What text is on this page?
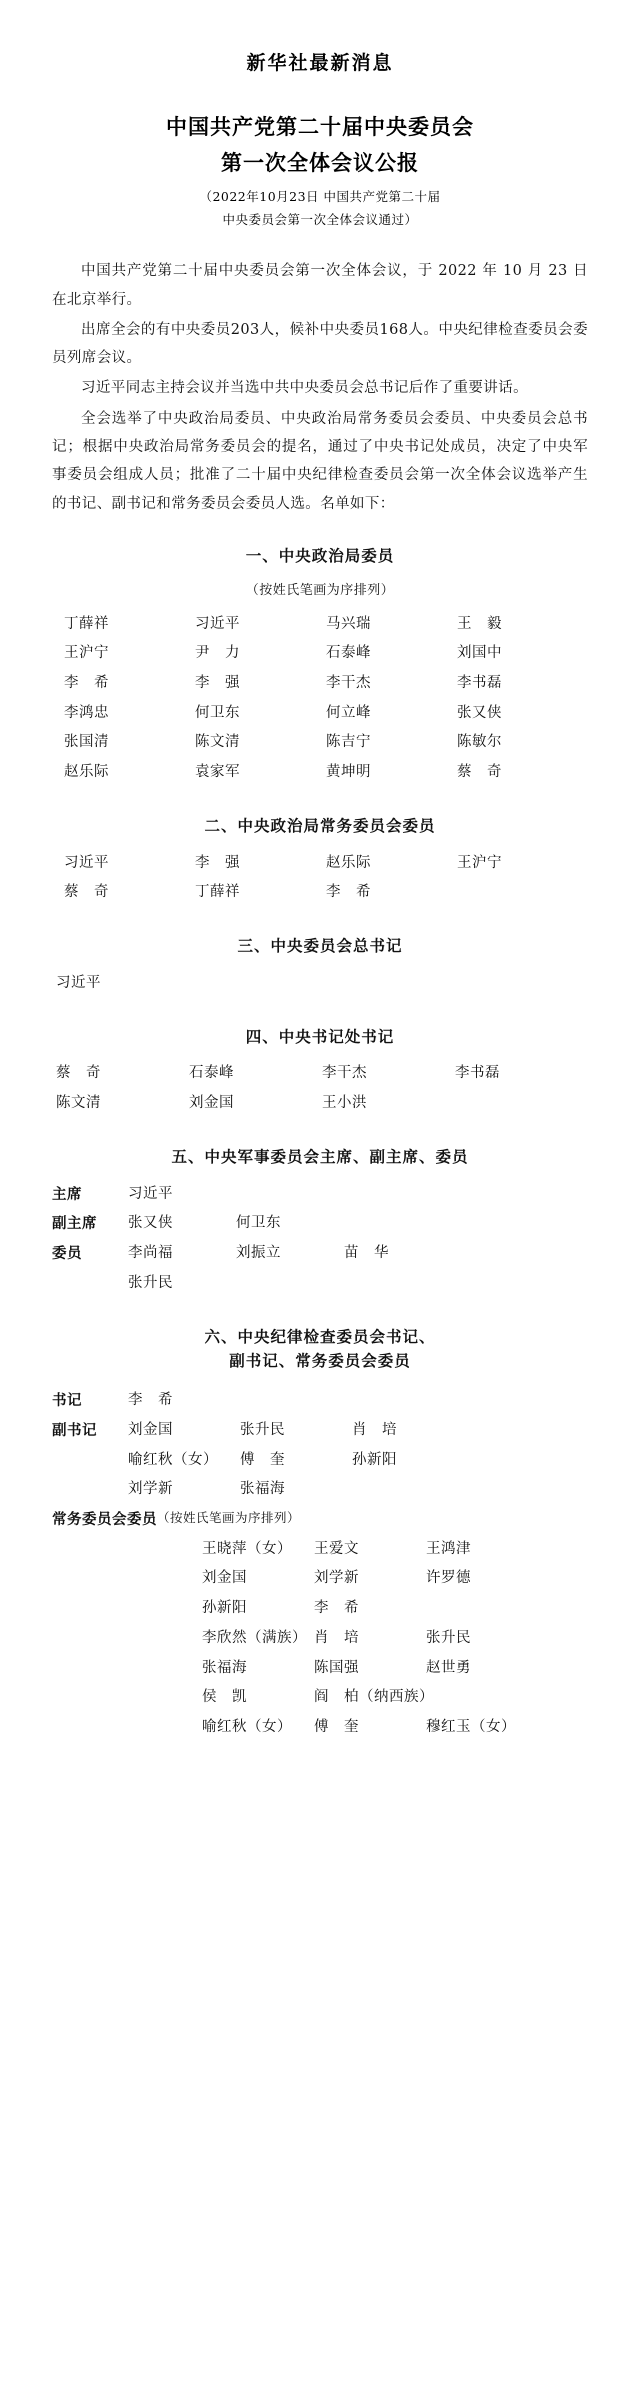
新华社最新消息
中国共产党第二十届中央委员会
第一次全体会议公报
（2022年10月23日 中国共产党第二十届
中央委员会第一次全体会议通过）

中国共产党第二十届中央委员会第一次全体会议，于 2022 年 10 月 23 日在北京举行。

出席全会的有中央委员203人，候补中央委员168人。中央纪律检查委员会委员列席会议。

习近平同志主持会议并当选中共中央委员会总书记后作了重要讲话。

全会选举了中央政治局委员、中央政治局常务委员会委员、中央委员会总书记；根据中央政治局常务委员会的提名，通过了中央书记处成员，决定了中央军事委员会组成人员；批准了二十届中央纪律检查委员会第一次全体会议选举产生的书记、副书记和常务委员会委员人选。名单如下：

一、中央政治局委员
（按姓氏笔画为序排列）
丁薛祥	习近平	马兴瑞	王　毅
王沪宁	尹　力	石泰峰	刘国中
李　希	李　强	李干杰	李书磊
李鸿忠	何卫东	何立峰	张又侠
张国清	陈文清	陈吉宁	陈敏尔
赵乐际	袁家军	黄坤明	蔡　奇
二、中央政治局常务委员会委员
习近平	李　强	赵乐际	王沪宁
蔡　奇	丁薛祥	李　希
三、中央委员会总书记
习近平
四、中央书记处书记
蔡　奇	石泰峰	李干杰	李书磊
陈文清	刘金国	王小洪
五、中央军事委员会主席、副主席、委员
主席	习近平
副主席	张又侠	何卫东
委员	李尚福	刘振立	苗　华
张升民
六、中央纪律检查委员会书记、
副书记、常务委员会委员
书记	李　希
副书记	刘金国	张升民	肖　培
喻红秋（女）	傅　奎	孙新阳
刘学新	张福海
常务委员会委员 （按姓氏笔画为序排列）
王晓萍（女）	王爱文	王鸿津
刘金国	刘学新	许罗德
孙新阳	李　希
李欣然（满族） 肖　培	张升民
张福海	陈国强	赵世勇
侯　凯	阎　柏（纳西族）
喻红秋（女）	傅　奎	穆红玉（女）
